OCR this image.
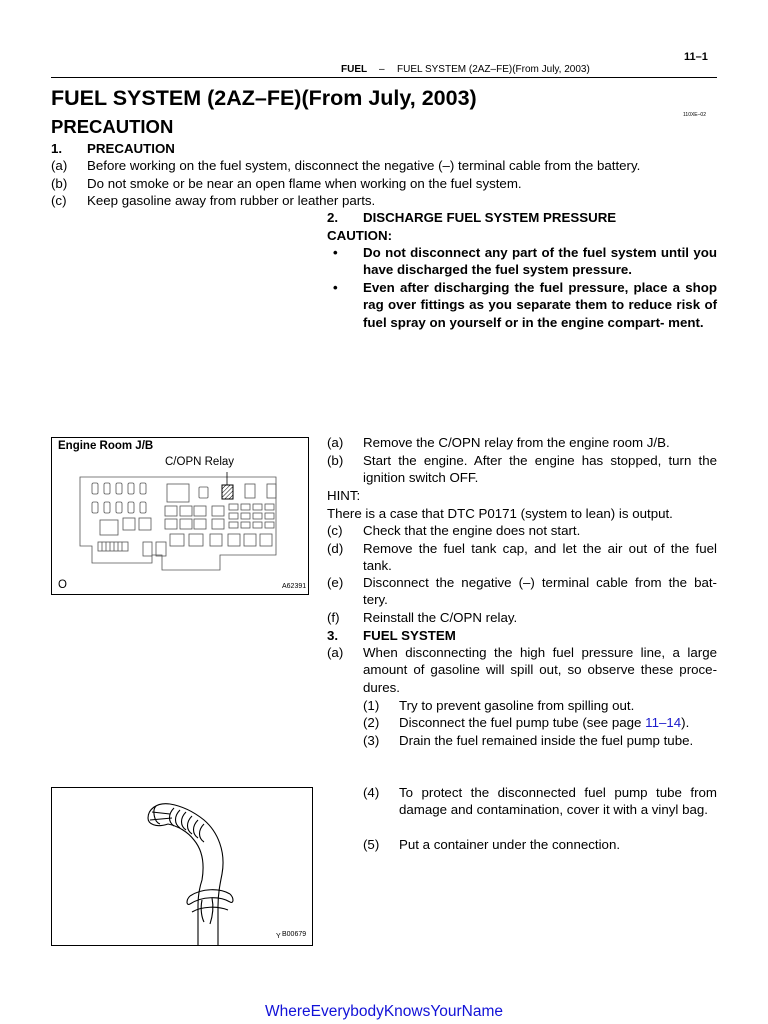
11–1
FUEL – FUEL SYSTEM (2AZ–FE)(From July, 2003)
FUEL SYSTEM (2AZ–FE)(From July, 2003)
PRECAUTION
110XE–02
1. PRECAUTION
(a) Before working on the fuel system, disconnect the negative (–) terminal cable from the battery.
(b) Do not smoke or be near an open flame when working on the fuel system.
(c) Keep gasoline away from rubber or leather parts.
2. DISCHARGE FUEL SYSTEM PRESSURE
CAUTION:
• Do not disconnect any part of the fuel system until you have discharged the fuel system pressure.
• Even after discharging the fuel pressure, place a shop rag over fittings as you separate them to reduce risk of fuel spray on yourself or in the engine compart- ment.
Engine Room J/B
C/OPN Relay
O	A62391
(a) Remove the C/OPN relay from the engine room J/B.
(b) Start the engine. After the engine has stopped, turn the ignition switch OFF.
HINT:
There is a case that DTC P0171 (system to lean) is output.
(c) Check that the engine does not start.
(d) Remove the fuel tank cap, and let the air out of the fuel tank.
(e) Disconnect the negative (–) terminal cable from the bat- tery.
(f) Reinstall the C/OPN relay.
3. FUEL SYSTEM
(a) When disconnecting the high fuel pressure line, a large amount of gasoline will spill out, so observe these proce- dures.
(1) Try to prevent gasoline from spilling out.
(2) Disconnect the fuel pump tube (see page 11–14).
(3) Drain the fuel remained inside the fuel pump tube.
(4) To protect the disconnected fuel pump tube from damage and contamination, cover it with a vinyl bag.
(5) Put a container under the connection.
Y B00679
WhereEverybodyKnowsYourName
